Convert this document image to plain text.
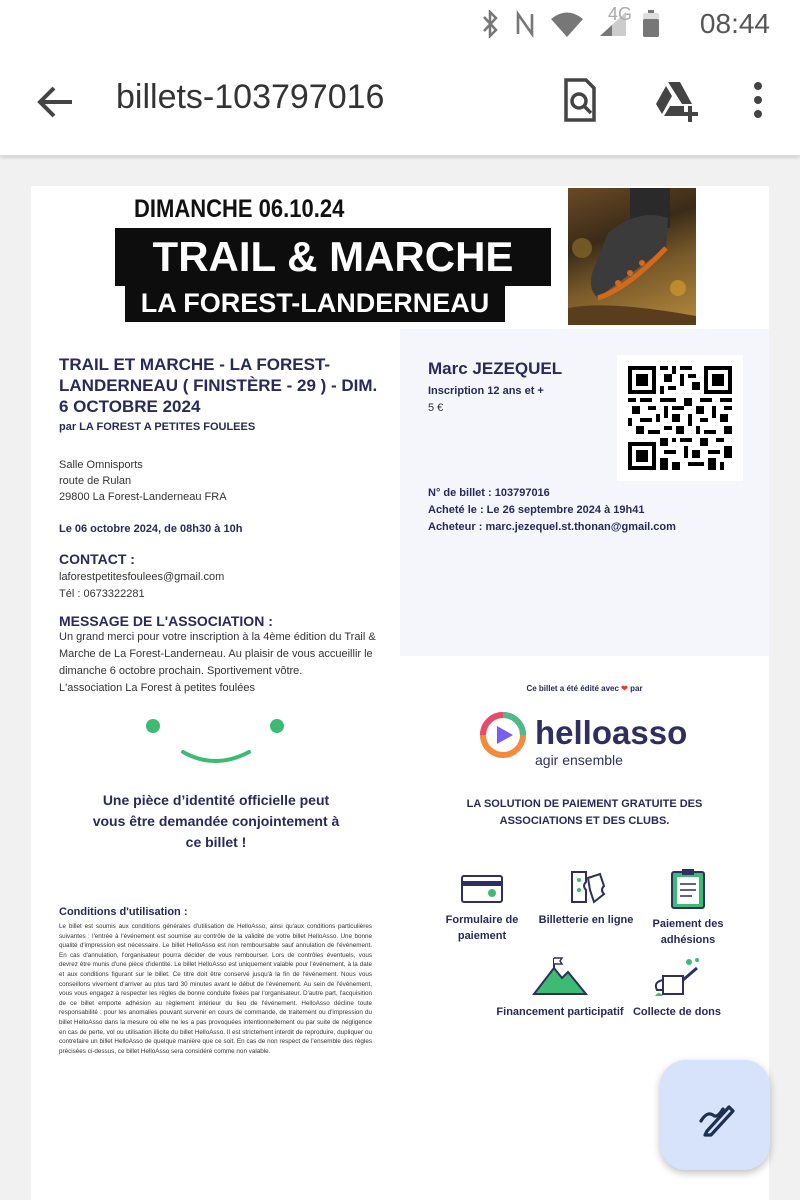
4G 08:44
billets-103797016
DIMANCHE 06.10.24
TRAIL & MARCHE
LA FOREST-LANDERNEAU
TRAIL ET MARCHE - LA FOREST-LANDERNEAU ( FINISTÈRE - 29 ) - DIM. 6 OCTOBRE 2024
par LA FOREST A PETITES FOULEES
Salle Omnisports
route de Rulan
29800 La Forest-Landerneau FRA
Le 06 octobre 2024, de 08h30 à 10h
CONTACT :
laforestpetitesfoulees@gmail.com
Tél : 0673322281
MESSAGE DE L'ASSOCIATION :
Un grand merci pour votre inscription à la 4ème édition du Trail & Marche de La Forest-Landerneau. Au plaisir de vous accueillir le dimanche 6 octobre prochain. Sportivement vôtre.
L'association La Forest à petites foulées
Marc JEZEQUEL
Inscription 12 ans et +
5 €
N° de billet : 103797016
Acheté le : Le 26 septembre 2024 à 19h41
Acheteur : marc.jezequel.st.thonan@gmail.com
Une pièce d’identité officielle peut vous être demandée conjointement à ce billet !
Conditions d'utilisation :
Le billet est soumis aux conditions générales d'utilisation de HelloAsso, ainsi qu'aux conditions particulières suivantes : l'entrée à l'événement est soumise au contrôle de la validité de votre billet HelloAsso. Une bonne qualité d'impression est nécessaire. Le billet HelloAsso est non remboursable sauf annulation de l'événement. En cas d'annulation, l'organisateur pourra décider de vous rembourser. Lors de contrôles éventuels, vous devrez être munis d'une pièce d'identité. Le billet HelloAsso est uniquement valable pour l'événement, à la date et aux conditions figurant sur le billet. Ce titre doit être conservé jusqu'à la fin de l'événement. Nous vous conseillons vivement d'arriver au plus tard 30 minutes avant le début de l'événement. Au sein de l'événement, vous vous engagez à respecter les règles de bonne conduite fixées par l'organisateur. D'autre part, l'acquisition de ce billet emporte adhésion au règlement intérieur du lieu de l'événement. HelloAsso décline toute responsabilité : pour les anomalies pouvant survenir en cours de commande, de traitement ou d'impression du billet HelloAsso dans la mesure où elle ne les a pas provoquées intentionnellement ou par suite de négligence en cas de perte, vol ou utilisation illicite du billet HelloAsso. Il est strictement interdit de reproduire, dupliquer ou contrefaire un billet HelloAsso de quelque manière que ce soit. En cas de non respect de l'ensemble des règles précisées ci-dessus, ce billet HelloAsso sera considéré comme non valable.
Ce billet a été édité avec ❤ par
helloasso
agir ensemble
LA SOLUTION DE PAIEMENT GRATUITE DES
ASSOCIATIONS ET DES CLUBS.
Formulaire de paiement
Billetterie en ligne	Paiement des adhésions
Financement participatif Collecte de dons
